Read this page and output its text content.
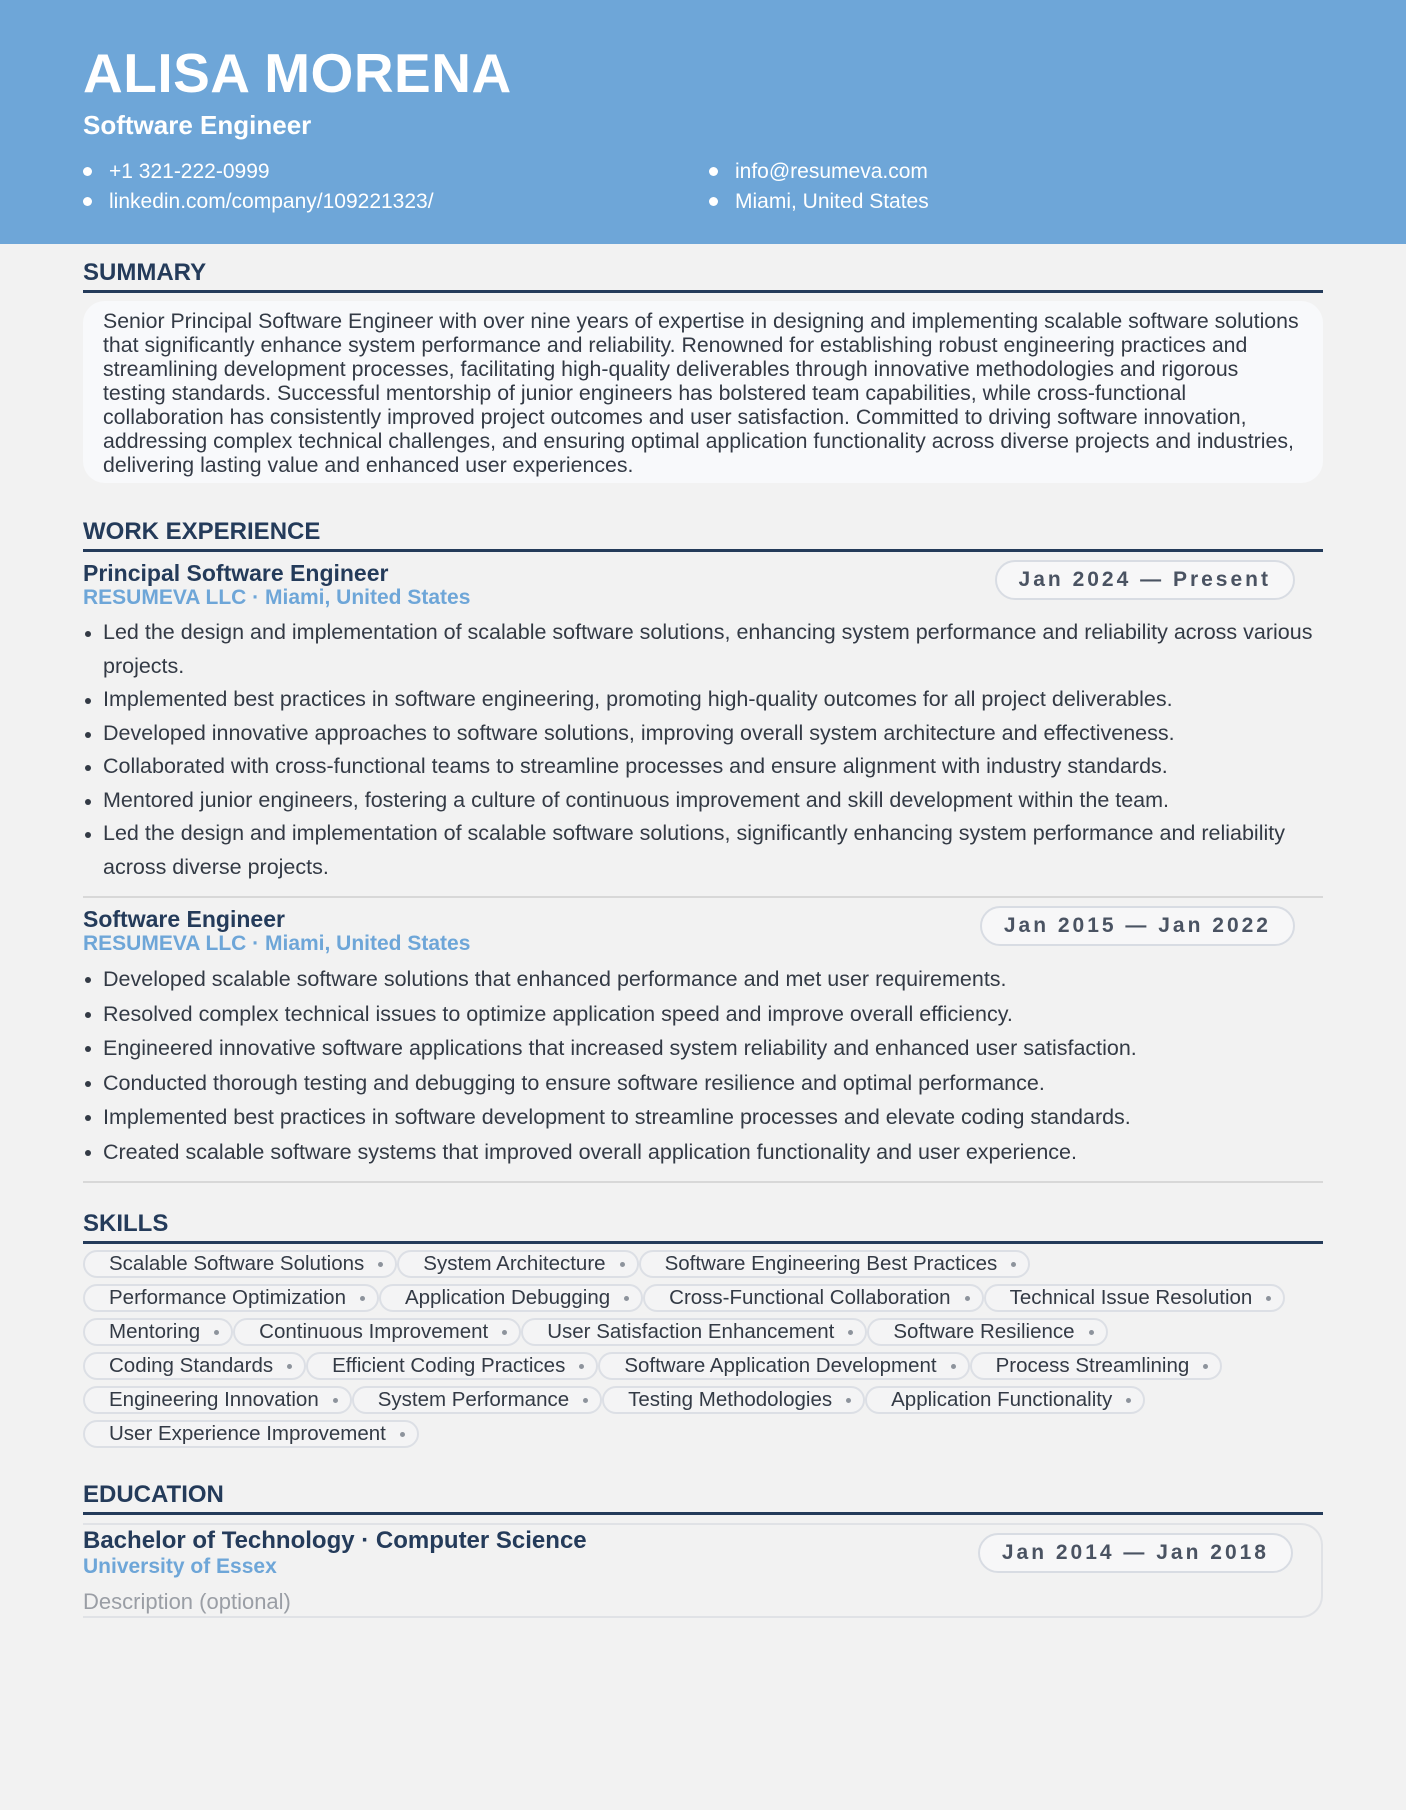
ALISA MORENA
Software Engineer
+1 321-222-0999	info@resumeva.com
linkedin.com/company/109221323/	Miami, United States
SUMMARY
Senior Principal Software Engineer with over nine years of expertise in designing and implementing scalable software solutions that significantly enhance system performance and reliability. Renowned for establishing robust engineering practices and streamlining development processes, facilitating high-quality deliverables through innovative methodologies and rigorous testing standards. Successful mentorship of junior engineers has bolstered team capabilities, while cross-functional collaboration has consistently improved project outcomes and user satisfaction. Committed to driving software innovation, addressing complex technical challenges, and ensuring optimal application functionality across diverse projects and industries, delivering lasting value and enhanced user experiences.
WORK EXPERIENCE
Principal Software Engineer
RESUMEVA LLC · Miami, United States
Jan 2024 — Present
Led the design and implementation of scalable software solutions, enhancing system performance and reliability across various projects.
Implemented best practices in software engineering, promoting high-quality outcomes for all project deliverables.
Developed innovative approaches to software solutions, improving overall system architecture and effectiveness.
Collaborated with cross-functional teams to streamline processes and ensure alignment with industry standards.
Mentored junior engineers, fostering a culture of continuous improvement and skill development within the team.
Led the design and implementation of scalable software solutions, significantly enhancing system performance and reliability across diverse projects.
Software Engineer
RESUMEVA LLC · Miami, United States
Jan 2015 — Jan 2022
Developed scalable software solutions that enhanced performance and met user requirements.
Resolved complex technical issues to optimize application speed and improve overall efficiency.
Engineered innovative software applications that increased system reliability and enhanced user satisfaction.
Conducted thorough testing and debugging to ensure software resilience and optimal performance.
Implemented best practices in software development to streamline processes and elevate coding standards.
Created scalable software systems that improved overall application functionality and user experience.
SKILLS
Scalable Software Solutions	System Architecture	Software Engineering Best Practices
Performance Optimization	Application Debugging	Cross-Functional Collaboration	Technical Issue Resolution
Mentoring	Continuous Improvement	User Satisfaction Enhancement	Software Resilience
Coding Standards	Efficient Coding Practices	Software Application Development	Process Streamlining
Engineering Innovation	System Performance	Testing Methodologies	Application Functionality
User Experience Improvement
EDUCATION
Bachelor of Technology · Computer Science
University of Essex
Jan 2014 — Jan 2018
Description (optional)
